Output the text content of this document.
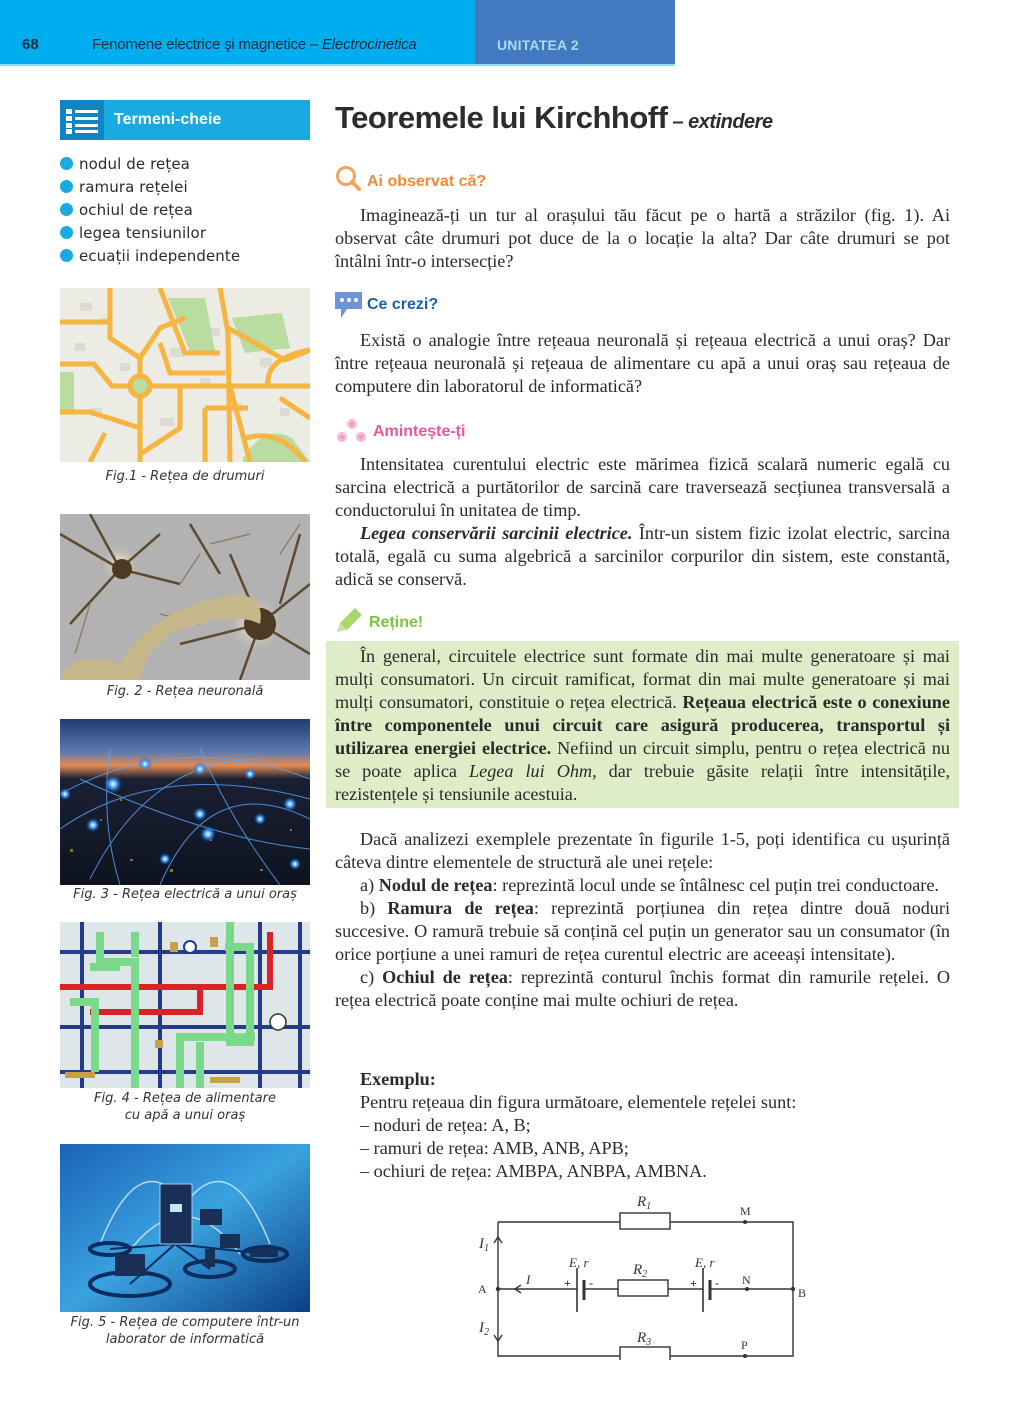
68	Fenomene electrice şi magnetice – Electrocinetica	UNITATEA 2
Termeni-cheie
nodul de rețea
ramura rețelei
ochiul de rețea
legea tensiunilor
ecuații independente
Fig.1 - Rețea de drumuri
Fig. 2 - Rețea neuronală
Fig. 3 - Rețea electrică a unui oraș
Fig. 4 - Rețea de alimentare
cu apă a unui oraș
Fig. 5 - Rețea de computere într-un
laborator de informatică
Teoremele lui Kirchhoff – extindere
Ai observat că?

Imaginează-ți un tur al orașului tău făcut pe o hartă a străzilor (fig. 1). Ai observat câte drumuri pot duce de la o locație la alta? Dar câte drumuri se pot întâlni într-o intersecție?

Ce crezi?

Există o analogie între rețeaua neuronală și rețeaua electrică a unui oraș? Dar între rețeaua neuronală și rețeaua de alimentare cu apă a unui oraș sau rețeaua de computere din laboratorul de informatică?

Amintește-ți

Intensitatea curentului electric este mărimea fizică scalară numeric egală cu sarcina electrică a purtătorilor de sarcină care traversează secțiunea transversală a conductorului în unitatea de timp.

Legea conservării sarcinii electrice. Într-un sistem fizic izolat electric, sarcina totală, egală cu suma algebrică a sarcinilor corpurilor din sistem, este constantă, adică se conservă.

Reține!

În general, circuitele electrice sunt formate din mai multe generatoare și mai mulți consumatori. Un circuit ramificat, format din mai multe generatoare și mai mulți consumatori, constituie o rețea electrică. Rețeaua electrică este o conexiune între componentele unui circuit care asigură producerea, transportul și utilizarea energiei electrice. Nefiind un circuit simplu, pentru o rețea electrică nu se poate aplica Legea lui Ohm, dar trebuie găsite relații între intensitățile, rezistențele și tensiunile acestuia.

Dacă analizezi exemplele prezentate în figurile 1-5, poți identifica cu ușurință câteva dintre elementele de structură ale unei rețele:

a) Nodul de rețea: reprezintă locul unde se întâlnesc cel puțin trei conductoare.

b) Ramura de rețea: reprezintă porțiunea din rețea dintre două noduri succesive. O ramură trebuie să conțină cel puțin un generator sau un consumator (în orice porțiune a unei ramuri de rețea curentul electric are aceeași intensitate).

c) Ochiul de rețea: reprezintă conturul închis format din ramurile rețelei. O rețea electrică poate conține mai multe ochiuri de rețea.

Exemplu:

Pentru rețeaua din figura următoare, elementele rețelei sunt:

– noduri de rețea: A, B;

– ramuri de rețea: AMB, ANB, APB;

– ochiuri de rețea: AMBPA, ANBPA, AMBNA.

$R_1$
$R_2$
$R_3$
$I_1$
$I_2$
I
A	B
M
N
P
E, r	E, r
+ -	+ -
